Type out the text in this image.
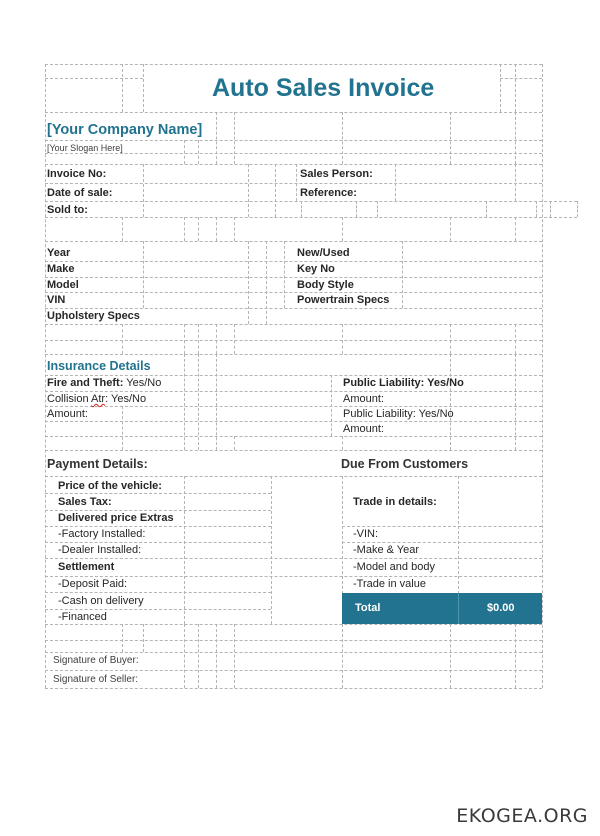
Auto Sales Invoice
[Your Company Name]
[Your Slogan Here]
Invoice No:
Date of sale:
Sold to:
Sales Person:
Reference:
Year
Make
Model
VIN
Upholstery Specs
New/Used
Key No
Body Style
Powertrain Specs
Insurance Details
Fire and Theft: Yes/No
Collision Atr: Yes/No
Amount:
Public Liability: Yes/No
Amount:
Public Liability: Yes/No
Amount:
Payment Details:
Price of the vehicle:
Sales Tax:
Delivered price Extras
-Factory Installed:
-Dealer Installed:
Settlement
-Deposit Paid:
-Cash on delivery
-Financed
Due From Customers
Trade in details:
-VIN:
-Make & Year
-Model and body
-Trade in value
Total	$0.00
Signature of Buyer:
Signature of Seller:
EKOGEA.ORG
